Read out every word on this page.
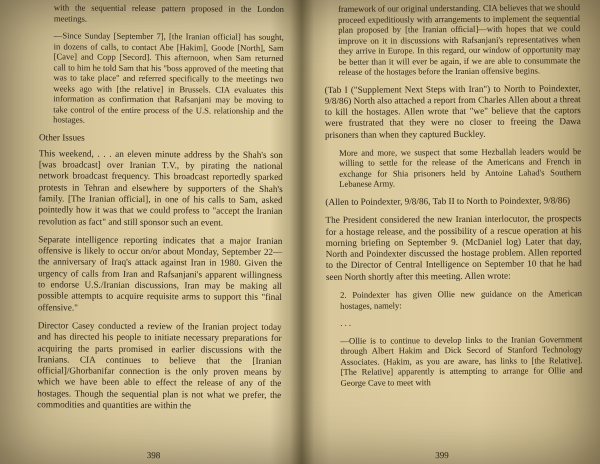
with the sequential release pattern proposed in the London meetings.

—Since Sunday [September 7], [the Iranian official] has sought, in dozens of calls, to contact Abe [Hakim], Goode [North], Sam [Cave] and Copp [Secord]. This afternoon, when Sam returned call to him he told Sam that his "boss approved of the meeting that was to take place" and referred specifically to the meetings two weeks ago with [the relative] in Brussels. CIA evaluates this information as confirmation that Rafsanjani may be moving to take control of the entire process of the U.S. relationship and the hostages.

Other Issues

This weekend, . . . an eleven minute address by the Shah's son [was broadcast] over Iranian T.V., by pirating the national network broadcast frequency. This broadcast reportedly sparked protests in Tehran and elsewhere by supporters of the Shah's family. [The Iranian official], in one of his calls to Sam, asked pointedly how it was that we could profess to "accept the Iranian revolution as fact" and still sponsor such an event.

Separate intelligence reporting indicates that a major Iranian offensive is likely to occur on/or about Monday, September 22—the anniversary of Iraq's attack against Iran in 1980. Given the urgency of calls from Iran and Rafsanjani's apparent willingness to endorse U.S./Iranian discussions, Iran may be making all possible attempts to acquire requisite arms to support this "final offensive."

Director Casey conducted a review of the Iranian project today and has directed his people to initiate necessary preparations for acquiring the parts promised in earlier discussions with the Iranians. CIA continues to believe that the [Iranian official]/Ghorbanifar connection is the only proven means by which we have been able to effect the release of any of the hostages. Though the sequential plan is not what we prefer, the commodities and quantities are within the

398

framework of our original understanding. CIA believes that we should proceed expeditiously with arrangements to implement the sequential plan proposed by [the Iranian official]—with hopes that we could improve on it in discussions with Rafsanjani's representatives when they arrive in Europe. In this regard, our window of opportunity may be better than it will ever be again, if we are able to consummate the release of the hostages before the Iranian offensive begins.

(Tab I ("Supplement Next Steps with Iran") to North to Poindexter, 9/8/86) North also attached a report from Charles Allen about a threat to kill the hostages. Allen wrote that "we" believe that the captors were frustrated that they were no closer to freeing the Dawa prisoners than when they captured Buckley.

More and more, we suspect that some Hezballah leaders would be willing to settle for the release of the Americans and French in exchange for Shia prisoners held by Antoine Lahad's Southern Lebanese Army.

(Allen to Poindexter, 9/8/86, Tab II to North to Poindexter, 9/8/86)

The President considered the new Iranian interlocutor, the prospects for a hostage release, and the possibility of a rescue operation at his morning briefing on September 9. (McDaniel log) Later that day, North and Poindexter discussed the hostage problem. Allen reported to the Director of Central Intelligence on September 10 that he had seen North shortly after this meeting. Allen wrote:

2. Poindexter has given Ollie new guidance on the American hostages, namely:

. . .

—Ollie is to continue to develop links to the Iranian Government through Albert Hakim and Dick Secord of Stanford Technology Associates. (Hakim, as you are aware, has links to [the Relative]. [The Relative] apparently is attempting to arrange for Ollie and George Cave to meet with

399
